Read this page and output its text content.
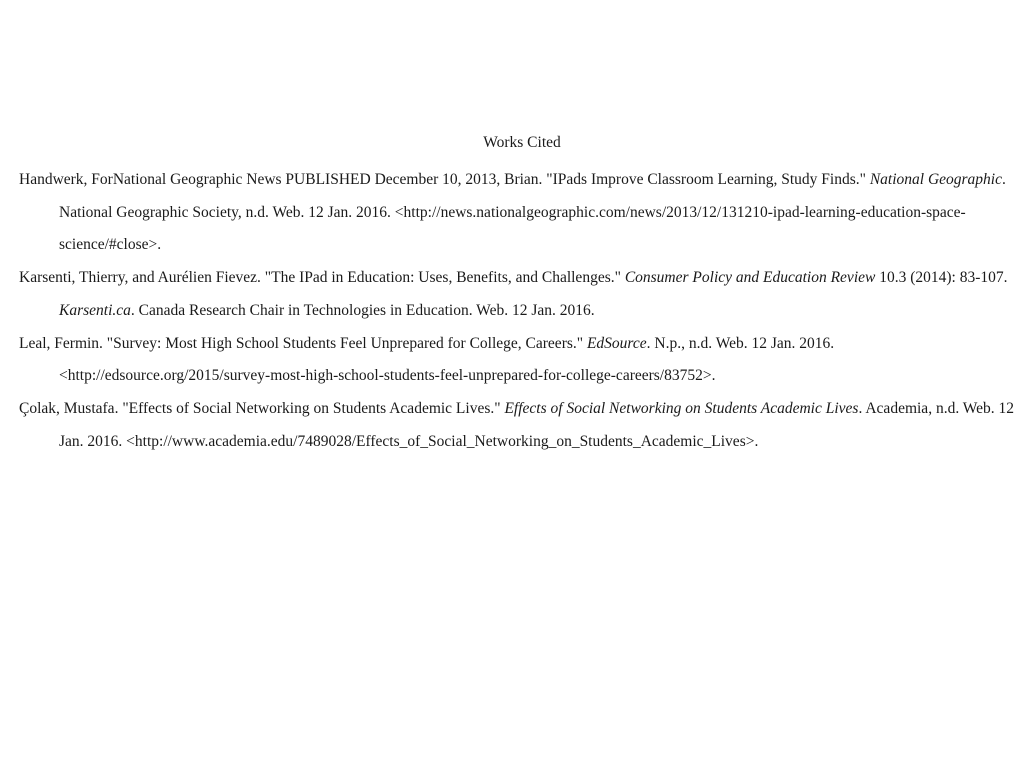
Works Cited

Handwerk, ForNational Geographic News PUBLISHED December 10, 2013, Brian. "IPads Improve Classroom Learning, Study Finds." National Geographic. National Geographic Society, n.d. Web. 12 Jan. 2016. <http://news.nationalgeographic.com/news/2013/12/131210-ipad-learning-education-space-science/#close>.

Karsenti, Thierry, and Aurélien Fievez. "The IPad in Education: Uses, Benefits, and Challenges." Consumer Policy and Education Review 10.3 (2014): 83-107. Karsenti.ca. Canada Research Chair in Technologies in Education. Web. 12 Jan. 2016.

Leal, Fermin. "Survey: Most High School Students Feel Unprepared for College, Careers." EdSource. N.p., n.d. Web. 12 Jan. 2016. <http://edsource.org/2015/survey-most-high-school-students-feel-unprepared-for-college-careers/83752>.

Çolak, Mustafa. "Effects of Social Networking on Students Academic Lives." Effects of Social Networking on Students Academic Lives. Academia, n.d. Web. 12 Jan. 2016. <http://www.academia.edu/7489028/Effects_of_Social_Networking_on_Students_Academic_Lives>.
